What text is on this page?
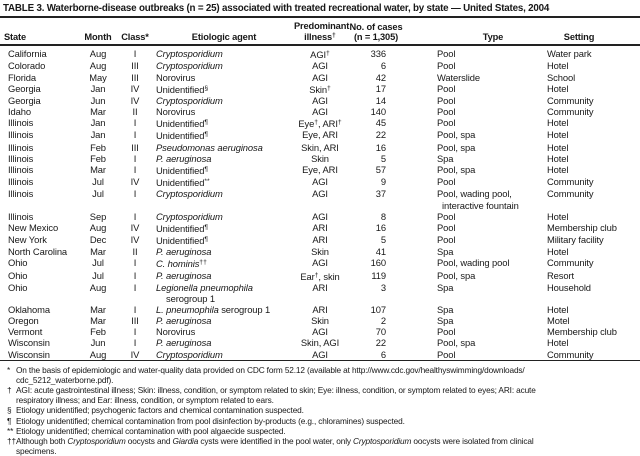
TABLE 3. Waterborne-disease outbreaks (n = 25) associated with treated recreational water, by state — United States, 2004
State	Month	Class*	Etiologic agent	Predominant
illness†	No. of cases
(n = 1,305)	Type	Setting
California	Aug	I	Cryptosporidium	AGI†	336	Pool	Water park
Colorado	Aug	III	Cryptosporidium	AGI	6	Pool	Hotel
Florida	May	III	Norovirus	AGI	42	Waterslide	School
Georgia	Jan	IV	Unidentified§	Skin†	17	Pool	Hotel
Georgia	Jun	IV	Cryptosporidium	AGI	14	Pool	Community
Idaho	Mar	II	Norovirus	AGI	140	Pool	Community
Illinois	Jan	I	Unidentified¶	Eye†, ARI†	45	Pool	Hotel
Illinois	Jan	I	Unidentified¶	Eye, ARI	22	Pool, spa	Hotel
Illinois	Feb	III	Pseudomonas aeruginosa	Skin, ARI	16	Pool, spa	Hotel
Illinois	Feb	I	P. aeruginosa	Skin	5	Spa	Hotel
Illinois	Mar	I	Unidentified¶	Eye, ARI	57	Pool, spa	Hotel
Illinois	Jul	IV	Unidentified**	AGI	9	Pool	Community
Illinois	Jul	I	Cryptosporidium	AGI	37	Pool, wading pool,
interactive fountain	Community
Illinois	Sep	I	Cryptosporidium	AGI	8	Pool	Hotel
New Mexico	Aug	IV	Unidentified¶	ARI	16	Pool	Membership club
New York	Dec	IV	Unidentified¶	ARI	5	Pool	Military facility
North Carolina	Mar	II	P. aeruginosa	Skin	41	Spa	Hotel
Ohio	Jul	I	C. hominis††	AGI	160	Pool, wading pool	Community
Ohio	Jul	I	P. aeruginosa	Ear†, skin	119	Pool, spa	Resort
Ohio	Aug	I	Legionella pneumophila
serogroup 1	ARI	3	Spa	Household
Oklahoma	Mar	I	L. pneumophila serogroup 1	ARI	107	Spa	Hotel
Oregon	Mar	III	P. aeruginosa	Skin	2	Spa	Motel
Vermont	Feb	I	Norovirus	AGI	70	Pool	Membership club
Wisconsin	Jun	I	P. aeruginosa	Skin, AGI	22	Pool, spa	Hotel
Wisconsin	Aug	IV	Cryptosporidium	AGI	6	Pool	Community
* On the basis of epidemiologic and water-quality data provided on CDC form 52.12 (available at http://www.cdc.gov/healthyswimming/downloads/
cdc_5212_waterborne.pdf).
† AGI: acute gastrointestinal illness; Skin: illness, condition, or symptom related to skin; Eye: illness, condition, or symptom related to eyes; ARI: acute
respiratory illness; and Ear: illness, condition, or symptom related to ears.
§ Etiology unidentified; psychogenic factors and chemical contamination suspected.
¶ Etiology unidentified; chemical contamination from pool disinfection by-products (e.g., chloramines) suspected.
** Etiology unidentified; chemical contamination with pool algaecide suspected.
††Although both Cryptosporidium oocysts and Giardia cysts were identified in the pool water, only Cryptosporidium oocysts were isolated from clinical
specimens.
